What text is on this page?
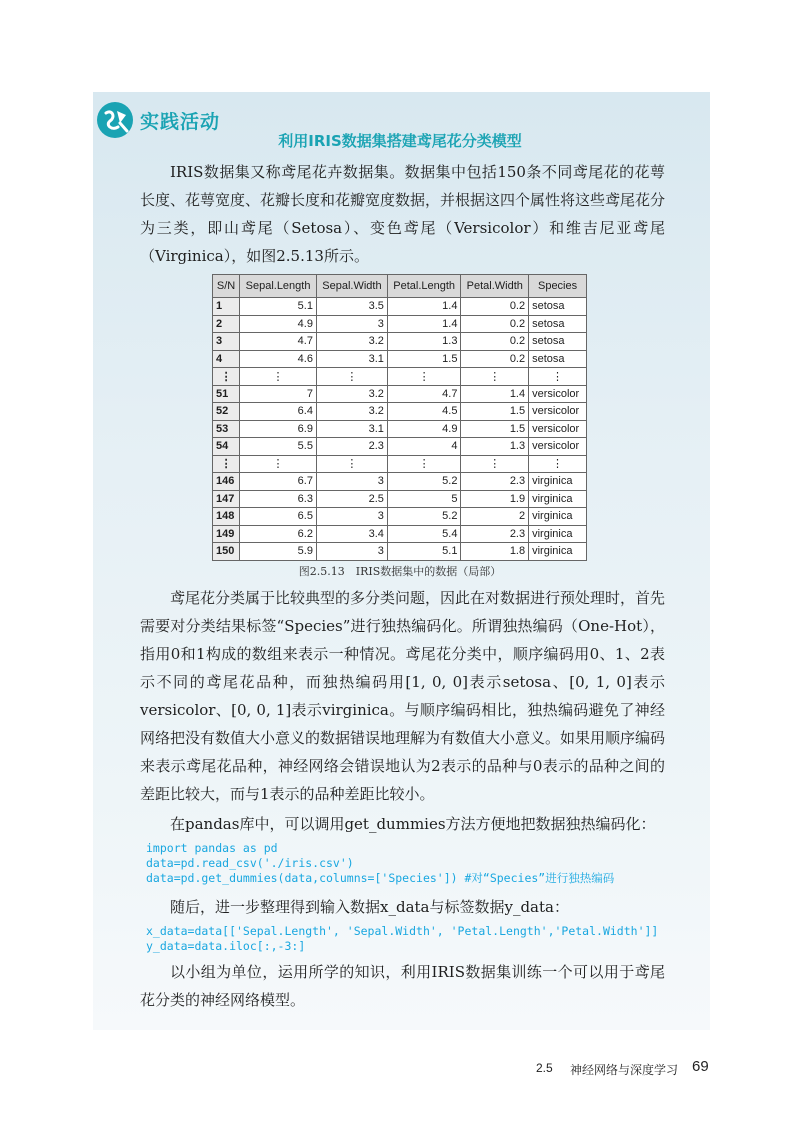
实践活动
利用IRIS数据集搭建鸢尾花分类模型

IRIS数据集又称鸢尾花卉数据集。数据集中包括150条不同鸢尾花的花萼长度、花萼宽度、花瓣长度和花瓣宽度数据，并根据这四个属性将这些鸢尾花分为三类，即山鸢尾（Setosa）、变色鸢尾（Versicolor）和维吉尼亚鸢尾（Virginica），如图2.5.13所示。

S/N	Sepal.Length	Sepal.Width	Petal.Length	Petal.Width	Species
1	5.1	3.5	1.4	0.2	setosa
2	4.9	3	1.4	0.2	setosa
3	4.7	3.2	1.3	0.2	setosa
4	4.6	3.1	1.5	0.2	setosa
⋮	⋮	⋮	⋮	⋮	⋮
51	7	3.2	4.7	1.4	versicolor
52	6.4	3.2	4.5	1.5	versicolor
53	6.9	3.1	4.9	1.5	versicolor
54	5.5	2.3	4	1.3	versicolor
⋮	⋮	⋮	⋮	⋮	⋮
146	6.7	3	5.2	2.3	virginica
147	6.3	2.5	5	1.9	virginica
148	6.5	3	5.2	2	virginica
149	6.2	3.4	5.4	2.3	virginica
150	5.9	3	5.1	1.8	virginica
图2.5.13　IRIS数据集中的数据（局部）

鸢尾花分类属于比较典型的多分类问题，因此在对数据进行预处理时，首先需要对分类结果标签“Species”进行独热编码化。所谓独热编码（One-Hot），指用0和1构成的数组来表示一种情况。鸢尾花分类中，顺序编码用0、1、2表示不同的鸢尾花品种，而独热编码用[1, 0, 0]表示setosa、[0, 1, 0]表示versicolor、[0, 0, 1]表示virginica。与顺序编码相比，独热编码避免了神经网络把没有数值大小意义的数据错误地理解为有数值大小意义。如果用顺序编码来表示鸢尾花品种，神经网络会错误地认为2表示的品种与0表示的品种之间的差距比较大，而与1表示的品种差距比较小。

在pandas库中，可以调用get_dummies方法方便地把数据独热编码化：

import pandas as pd
data=pd.read_csv('./iris.csv')
data=pd.get_dummies(data,columns=['Species']) #对“Species”进行独热编码

随后，进一步整理得到输入数据x_data与标签数据y_data：

x_data=data[['Sepal.Length', 'Sepal.Width', 'Petal.Length','Petal.Width']]
y_data=data.iloc[:,-3:]

以小组为单位，运用所学的知识，利用IRIS数据集训练一个可以用于鸢尾花分类的神经网络模型。

2.5 神经网络与深度学习 69
